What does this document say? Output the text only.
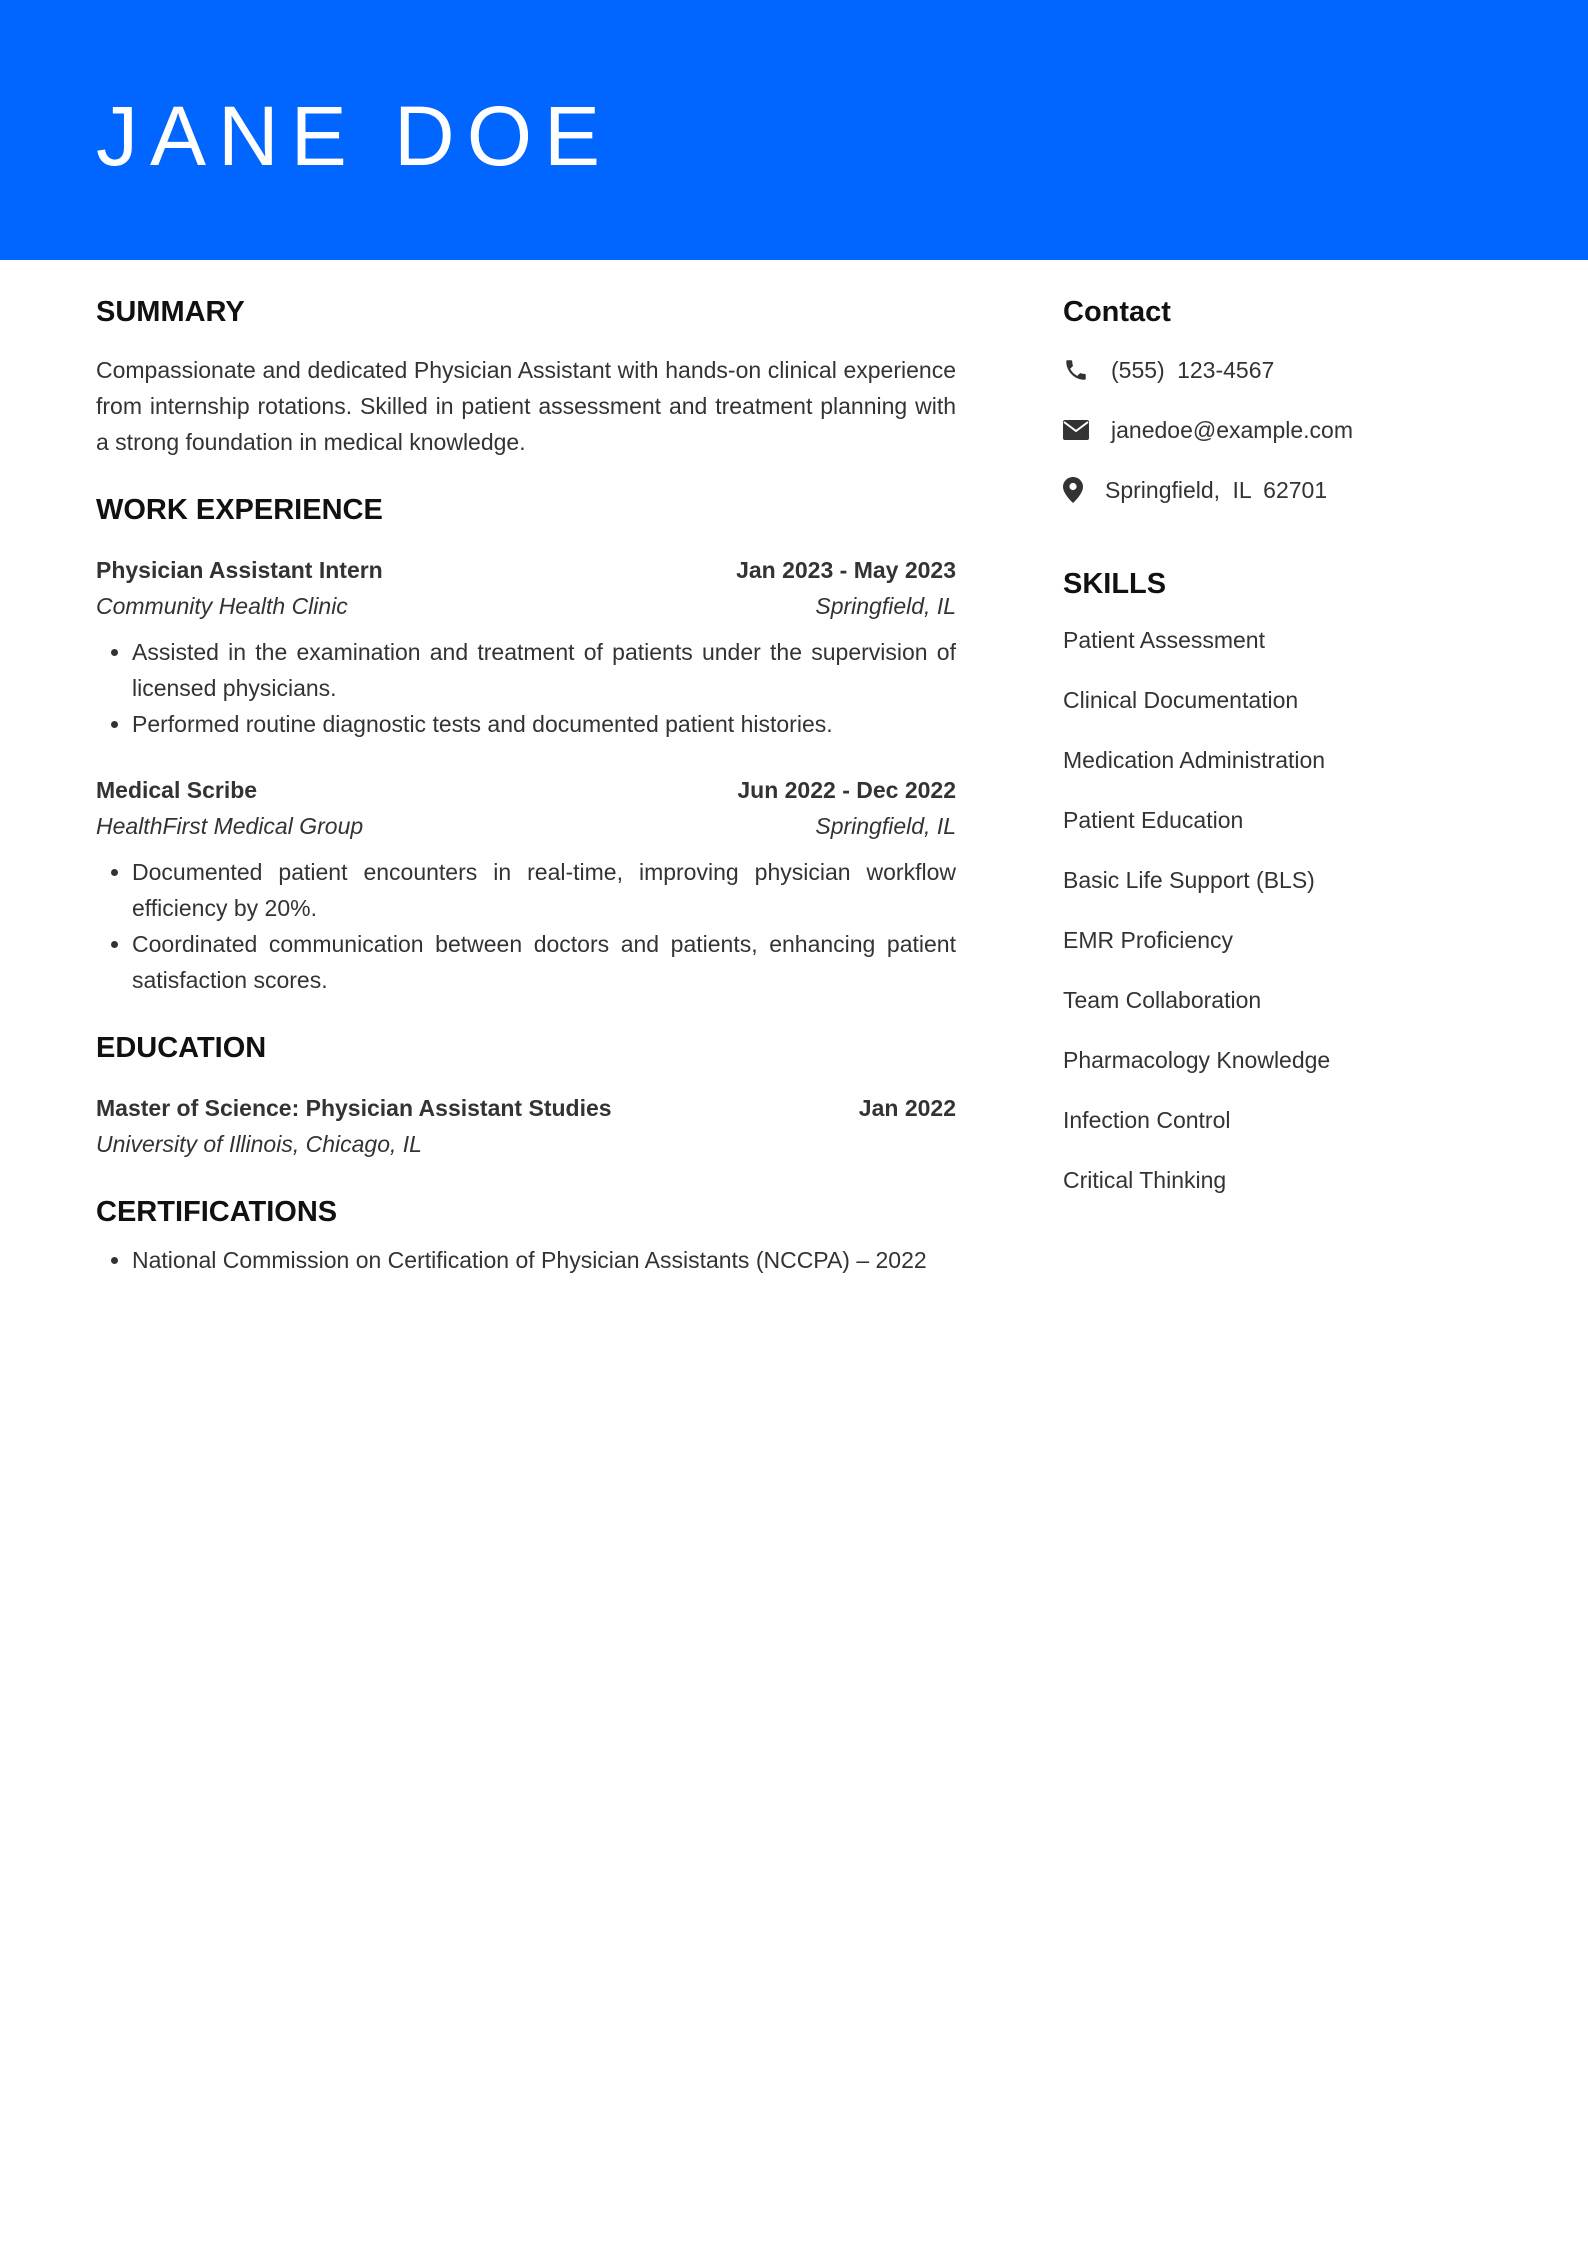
JANE DOE
SUMMARY

Compassionate and dedicated Physician Assistant with hands-on clinical experience from internship rotations. Skilled in patient assessment and treatment planning with a strong foundation in medical knowledge.

WORK EXPERIENCE
Physician Assistant Intern	Jan 2023 - May 2023
Community Health Clinic	Springfield, IL
• Assisted in the examination and treatment of patients under the supervision of licensed physicians.
• Performed routine diagnostic tests and documented patient histories.
Medical Scribe	Jun 2022 - Dec 2022
HealthFirst Medical Group	Springfield, IL
• Documented patient encounters in real-time, improving physician workflow efficiency by 20%.
• Coordinated communication between doctors and patients, enhancing patient satisfaction scores.
EDUCATION
Master of Science: Physician Assistant Studies	Jan 2022
University of Illinois, Chicago, IL
CERTIFICATIONS
• National Commission on Certification of Physician Assistants (NCCPA) – 2022
Contact
(555) 123-4567
janedoe@example.com
Springfield, IL 62701
SKILLS
Patient Assessment
Clinical Documentation
Medication Administration
Patient Education
Basic Life Support (BLS)
EMR Proficiency
Team Collaboration
Pharmacology Knowledge
Infection Control
Critical Thinking
